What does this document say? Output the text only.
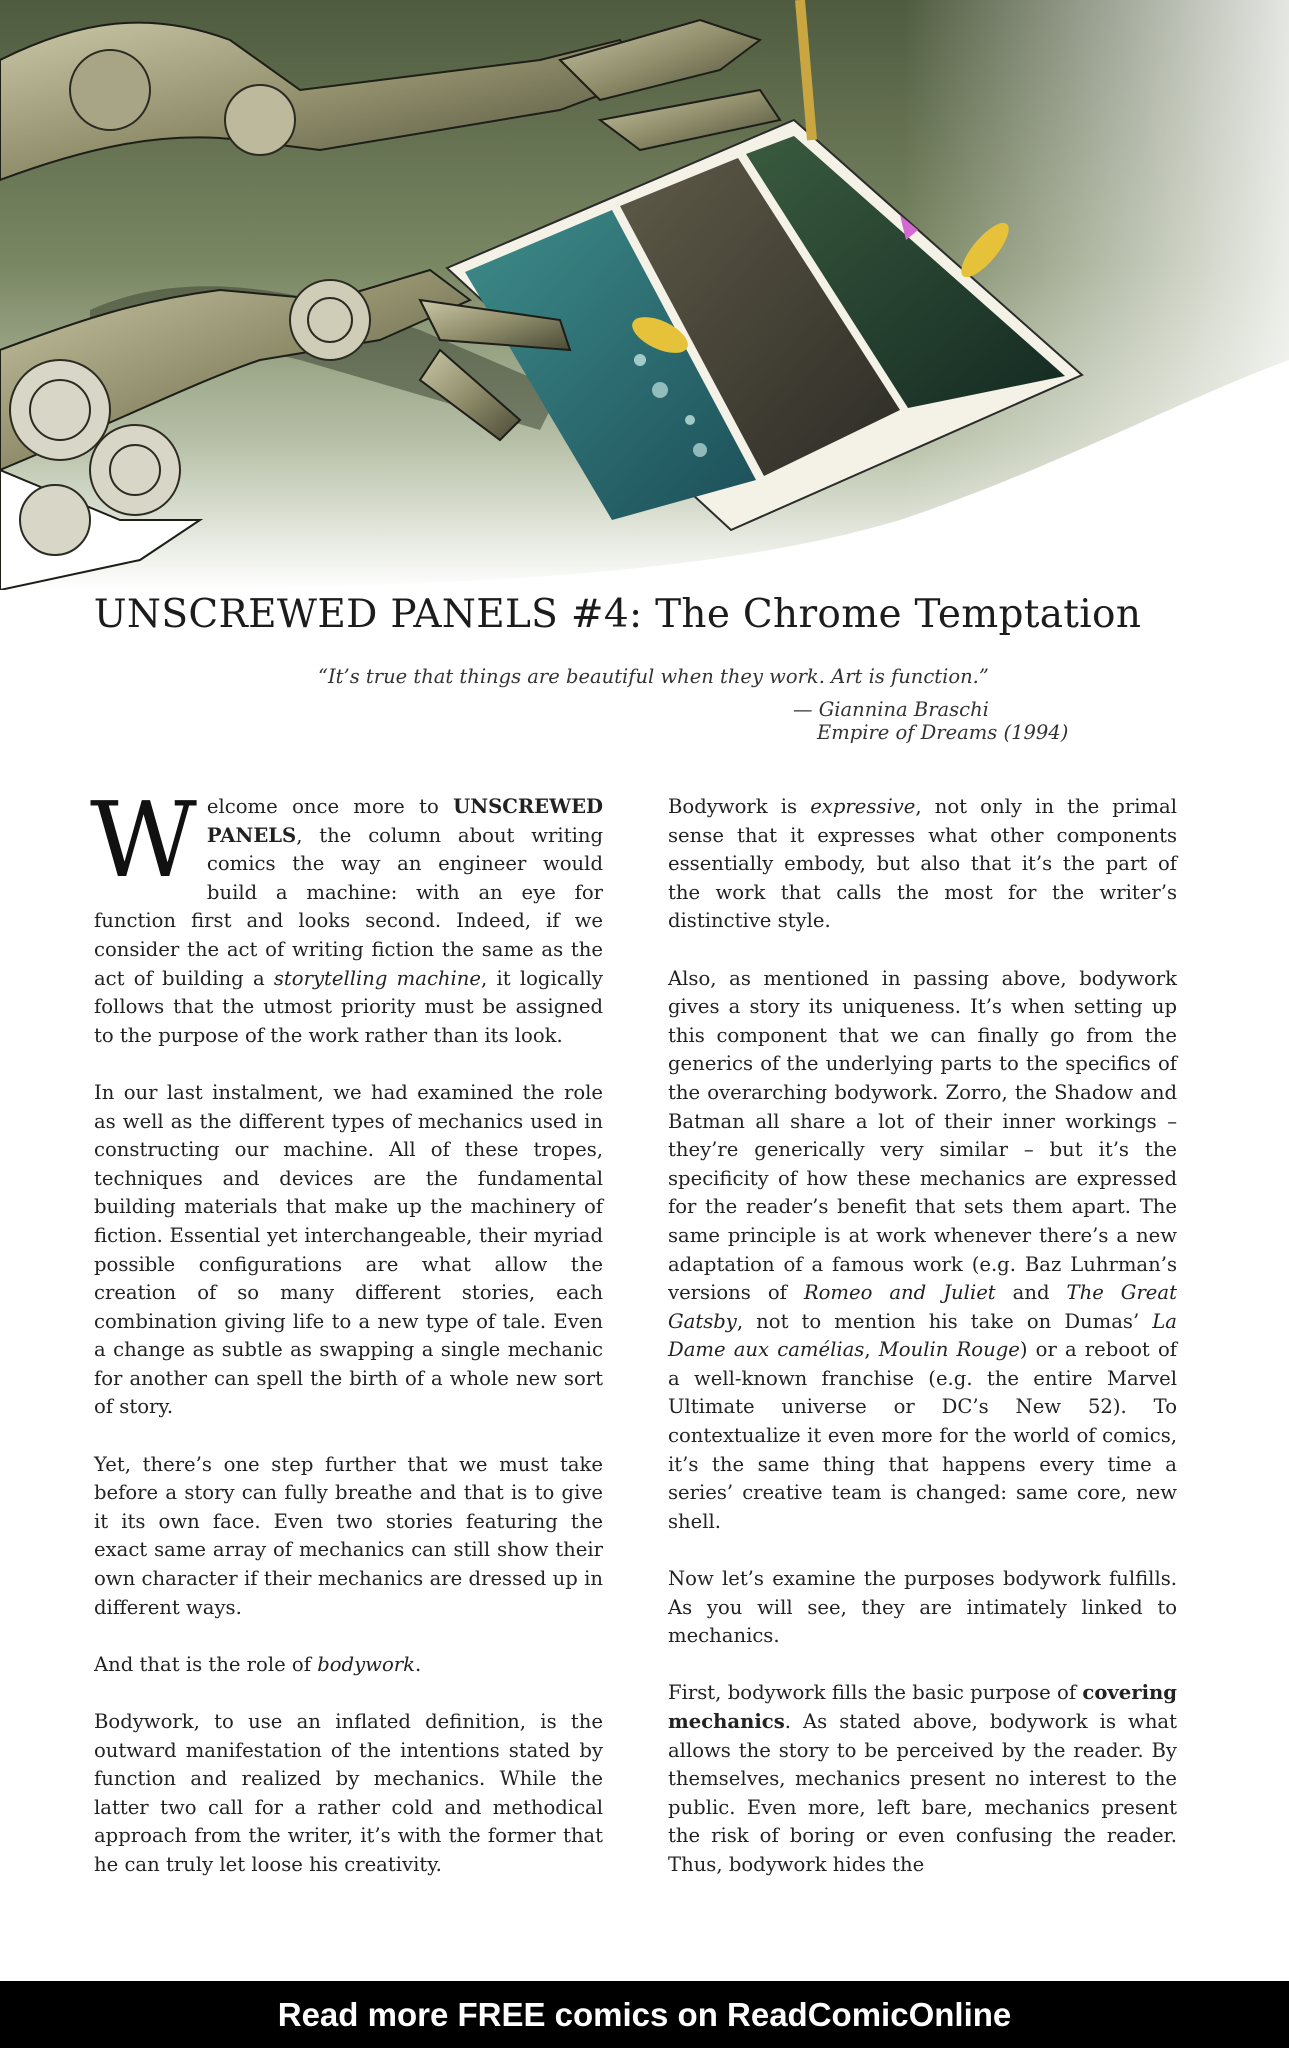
UNSCREWED PANELS #4: The Chrome Temptation
“It’s true that things are beautiful when they work. Art is function.”
— Giannina Braschi
Empire of Dreams (1994)

Welcome once more to UNSCREWED PANELS, the column about writing comics the way an engineer would build a machine: with an eye for function first and looks second. Indeed, if we consider the act of writing fiction the same as the act of building a storytelling machine, it logically follows that the utmost priority must be assigned to the purpose of the work rather than its look.

In our last instalment, we had examined the role as well as the different types of mechanics used in constructing our machine. All of these tropes, techniques and devices are the fundamental building materials that make up the machinery of fiction. Essential yet interchangeable, their myriad possible configurations are what allow the creation of so many different stories, each combination giving life to a new type of tale. Even a change as subtle as swapping a single mechanic for another can spell the birth of a whole new sort of story.

Yet, there’s one step further that we must take before a story can fully breathe and that is to give it its own face. Even two stories featuring the exact same array of mechanics can still show their own character if their mechanics are dressed up in different ways.

And that is the role of bodywork.

Bodywork, to use an inflated definition, is the outward manifestation of the intentions stated by function and realized by mechanics. While the latter two call for a rather cold and methodical approach from the writer, it’s with the former that he can truly let loose his creativity.

Bodywork is expressive, not only in the primal sense that it expresses what other components essentially embody, but also that it’s the part of the work that calls the most for the writer’s distinctive style.

Also, as mentioned in passing above, bodywork gives a story its uniqueness. It’s when setting up this component that we can finally go from the generics of the underlying parts to the specifics of the overarching bodywork. Zorro, the Shadow and Batman all share a lot of their inner workings – they’re generically very similar – but it’s the specificity of how these mechanics are expressed for the reader’s benefit that sets them apart. The same principle is at work whenever there’s a new adaptation of a famous work (e.g. Baz Luhrman’s versions of Romeo and Juliet and The Great Gatsby, not to mention his take on Dumas’ La Dame aux camélias, Moulin Rouge) or a reboot of a well-known franchise (e.g. the entire Marvel Ultimate universe or DC’s New 52). To contextualize it even more for the world of comics, it’s the same thing that happens every time a series’ creative team is changed: same core, new shell.

Now let’s examine the purposes bodywork fulfills. As you will see, they are intimately linked to mechanics.

First, bodywork fills the basic purpose of covering mechanics. As stated above, bodywork is what allows the story to be perceived by the reader. By themselves, mechanics present no interest to the public. Even more, left bare, mechanics present the risk of boring or even confusing the reader. Thus, bodywork hides the

Read more FREE comics on ReadComicOnline
